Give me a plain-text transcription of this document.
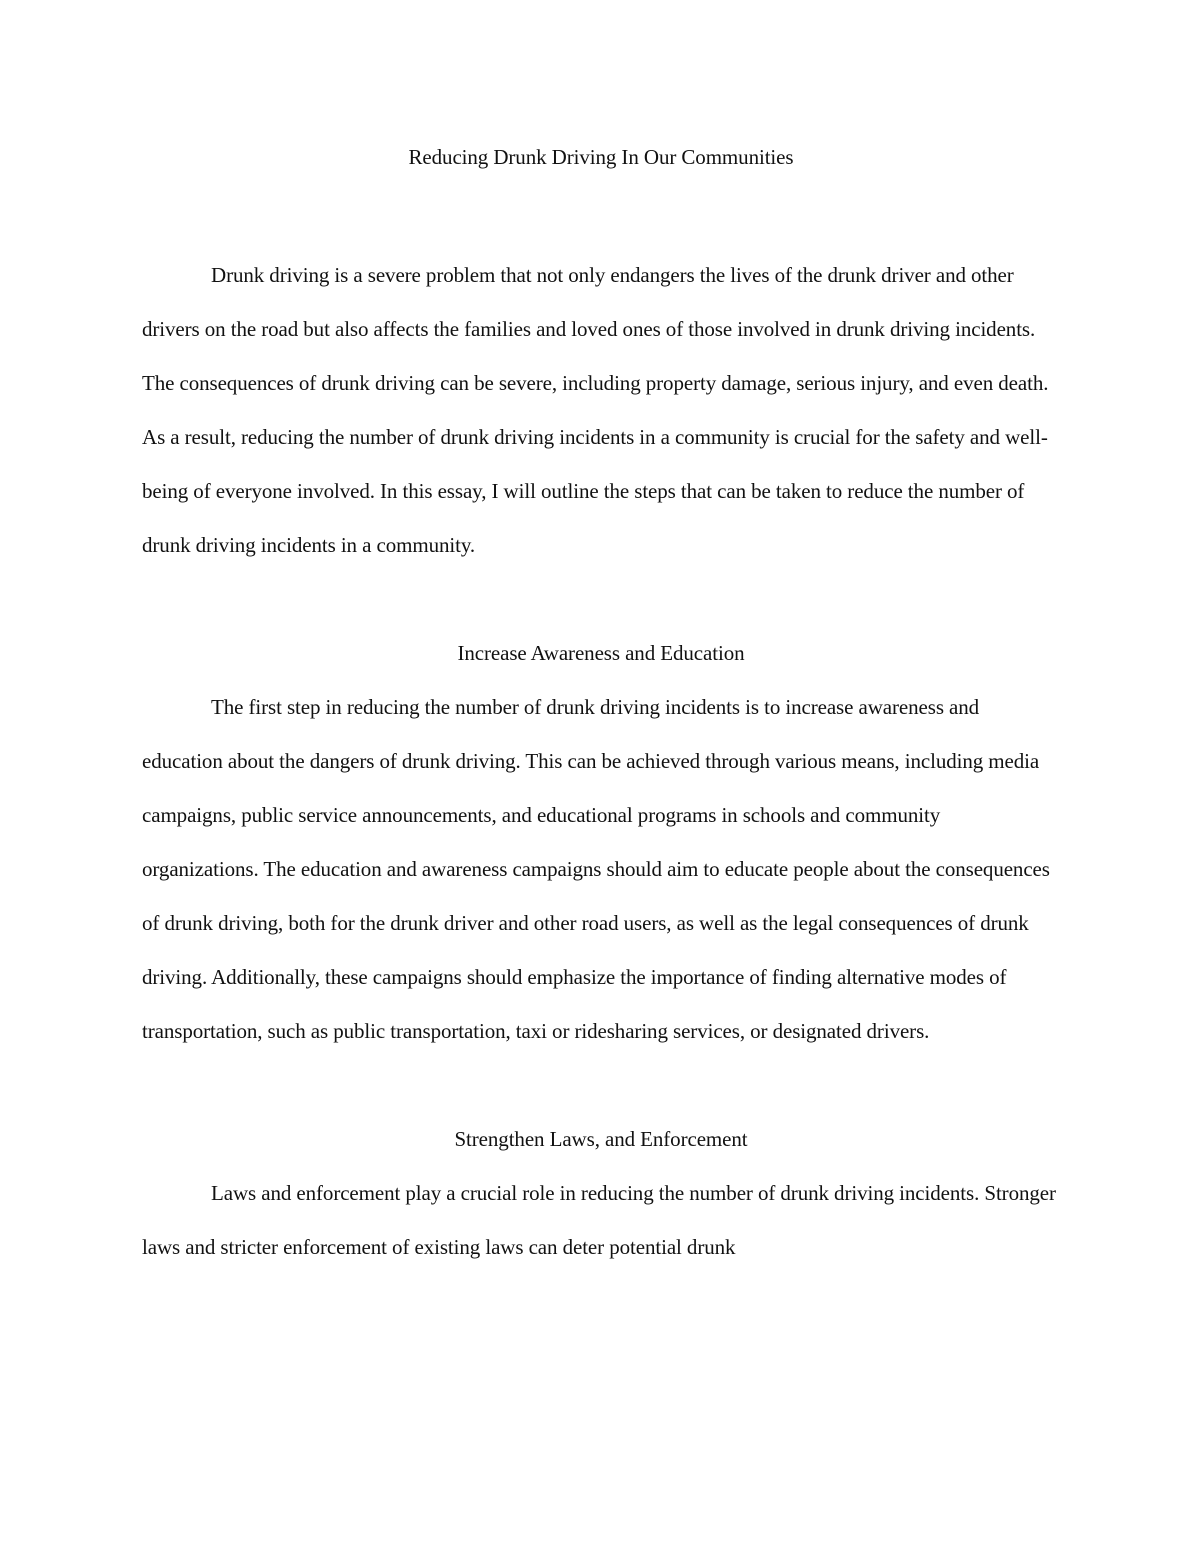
Reducing Drunk Driving In Our Communities

Drunk driving is a severe problem that not only endangers the lives of the drunk driver and other drivers on the road but also affects the families and loved ones of those involved in drunk driving incidents. The consequences of drunk driving can be severe, including property damage, serious injury, and even death. As a result, reducing the number of drunk driving incidents in a community is crucial for the safety and well-being of everyone involved. In this essay, I will outline the steps that can be taken to reduce the number of drunk driving incidents in a community.

Increase Awareness and Education

The first step in reducing the number of drunk driving incidents is to increase awareness and education about the dangers of drunk driving. This can be achieved through various means, including media campaigns, public service announcements, and educational programs in schools and community organizations. The education and awareness campaigns should aim to educate people about the consequences of drunk driving, both for the drunk driver and other road users, as well as the legal consequences of drunk driving. Additionally, these campaigns should emphasize the importance of finding alternative modes of transportation, such as public transportation, taxi or ridesharing services, or designated drivers.

Strengthen Laws, and Enforcement

Laws and enforcement play a crucial role in reducing the number of drunk driving incidents. Stronger laws and stricter enforcement of existing laws can deter potential drunk
